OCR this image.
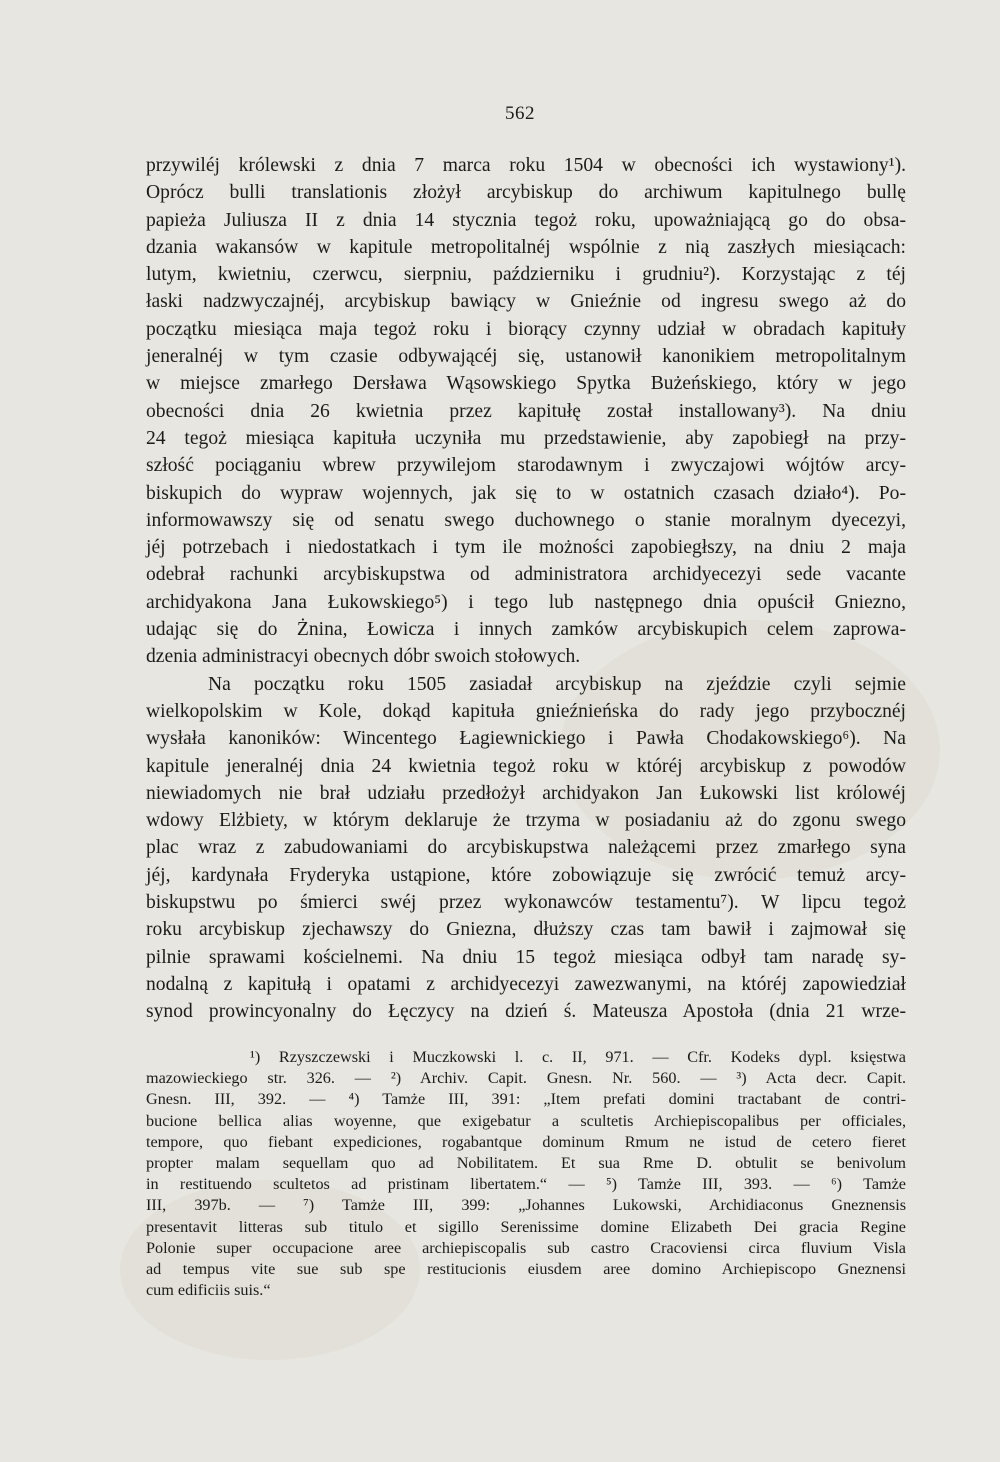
562
przywiléj królewski z dnia 7 marca roku 1504 w obecności ich wystawiony¹).
Oprócz bulli translationis złożył arcybiskup do archiwum kapitulnego bullę
papieża Juliusza II z dnia 14 stycznia tegoż roku, upoważniającą go do obsa-
dzania wakansów w kapitule metropolitalnéj wspólnie z nią zaszłych miesiącach:
lutym, kwietniu, czerwcu, sierpniu, październiku i grudniu²). Korzystając z téj
łaski nadzwyczajnéj, arcybiskup bawiący w Gnieźnie od ingresu swego aż do
początku miesiąca maja tegoż roku i biorący czynny udział w obradach kapituły
jeneralnéj w tym czasie odbywającéj się, ustanowił kanonikiem metropolitalnym
w miejsce zmarłego Dersława Wąsowskiego Spytka Bużeńskiego, który w jego
obecności dnia 26 kwietnia przez kapitułę został installowany³). Na dniu
24 tegoż miesiąca kapituła uczyniła mu przedstawienie, aby zapobiegł na przy-
szłość pociąganiu wbrew przywilejom starodawnym i zwyczajowi wójtów arcy-
biskupich do wypraw wojennych, jak się to w ostatnich czasach działo⁴). Po-
informowawszy się od senatu swego duchownego o stanie moralnym dyecezyi,
jéj potrzebach i niedostatkach i tym ile możności zapobiegłszy, na dniu 2 maja
odebrał rachunki arcybiskupstwa od administratora archidyecezyi sede vacante
archidyakona Jana Łukowskiego⁵) i tego lub następnego dnia opuścił Gniezno,
udając się do Żnina, Łowicza i innych zamków arcybiskupich celem zaprowa-
dzenia administracyi obecnych dóbr swoich stołowych.
Na początku roku 1505 zasiadał arcybiskup na zjeździe czyli sejmie
wielkopolskim w Kole, dokąd kapituła gnieźnieńska do rady jego przybocznéj
wysłała kanoników: Wincentego Łagiewnickiego i Pawła Chodakowskiego⁶). Na
kapitule jeneralnéj dnia 24 kwietnia tegoż roku w któréj arcybiskup z powodów
niewiadomych nie brał udziału przedłożył archidyakon Jan Łukowski list królowéj
wdowy Elżbiety, w którym deklaruje że trzyma w posiadaniu aż do zgonu swego
plac wraz z zabudowaniami do arcybiskupstwa należącemi przez zmarłego syna
jéj, kardynała Fryderyka ustąpione, które zobowiązuje się zwrócić temuż arcy-
biskupstwu po śmierci swéj przez wykonawców testamentu⁷). W lipcu tegoż
roku arcybiskup zjechawszy do Gniezna, dłuższy czas tam bawił i zajmował się
pilnie sprawami kościelnemi. Na dniu 15 tegoż miesiąca odbył tam naradę sy-
nodalną z kapitułą i opatami z archidyecezyi zawezwanymi, na któréj zapowiedział
synod prowincyonalny do Łęczycy na dzień ś. Mateusza Apostoła (dnia 21 wrze-
¹) Rzyszczewski i Muczkowski l. c. II, 971. — Cfr. Kodeks dypl. księstwa
mazowieckiego str. 326. — ²) Archiv. Capit. Gnesn. Nr. 560. — ³) Acta decr. Capit.
Gnesn. III, 392. — ⁴) Tamże III, 391: „Item prefati domini tractabant de contri-
bucione bellica alias woyenne, que exigebatur a scultetis Archiepiscopalibus per officiales,
tempore, quo fiebant expediciones, rogabantque dominum Rmum ne istud de cetero fieret
propter malam sequellam quo ad Nobilitatem. Et sua Rme D. obtulit se benivolum
in restituendo scultetos ad pristinam libertatem.“ — ⁵) Tamże III, 393. — ⁶) Tamże
III, 397b. — ⁷) Tamże III, 399: „Johannes Lukowski, Archidiaconus Gneznensis
presentavit litteras sub titulo et sigillo Serenissime domine Elizabeth Dei gracia Regine
Polonie super occupacione aree archiepiscopalis sub castro Cracoviensi circa fluvium Visla
ad tempus vite sue sub spe restitucionis eiusdem aree domino Archiepiscopo Gneznensi
cum edificiis suis.“
